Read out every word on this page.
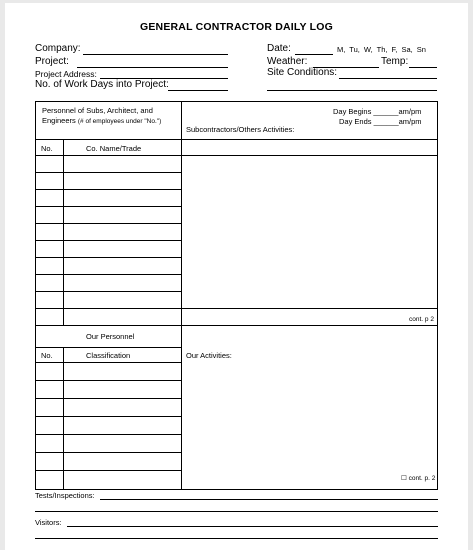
GENERAL CONTRACTOR DAILY LOG
Company:
Project:
Project Address:
No. of Work Days into Project:
Date:	M, Tu, W, Th, F, Sa, Sn
Weather:	Temp:
Site Conditions:
Personnel of Subs, Architect, and
Engineers (# of employees under "No.")
Subcontractors/Others Activities:
Day Begins ______am/pm
Day Ends ______am/pm
No.	Co. Name/Trade
cont. p 2
Our Personnel
No.	Classification	Our Activities:
☐ cont. p. 2
Tests/Inspections:
Visitors:
